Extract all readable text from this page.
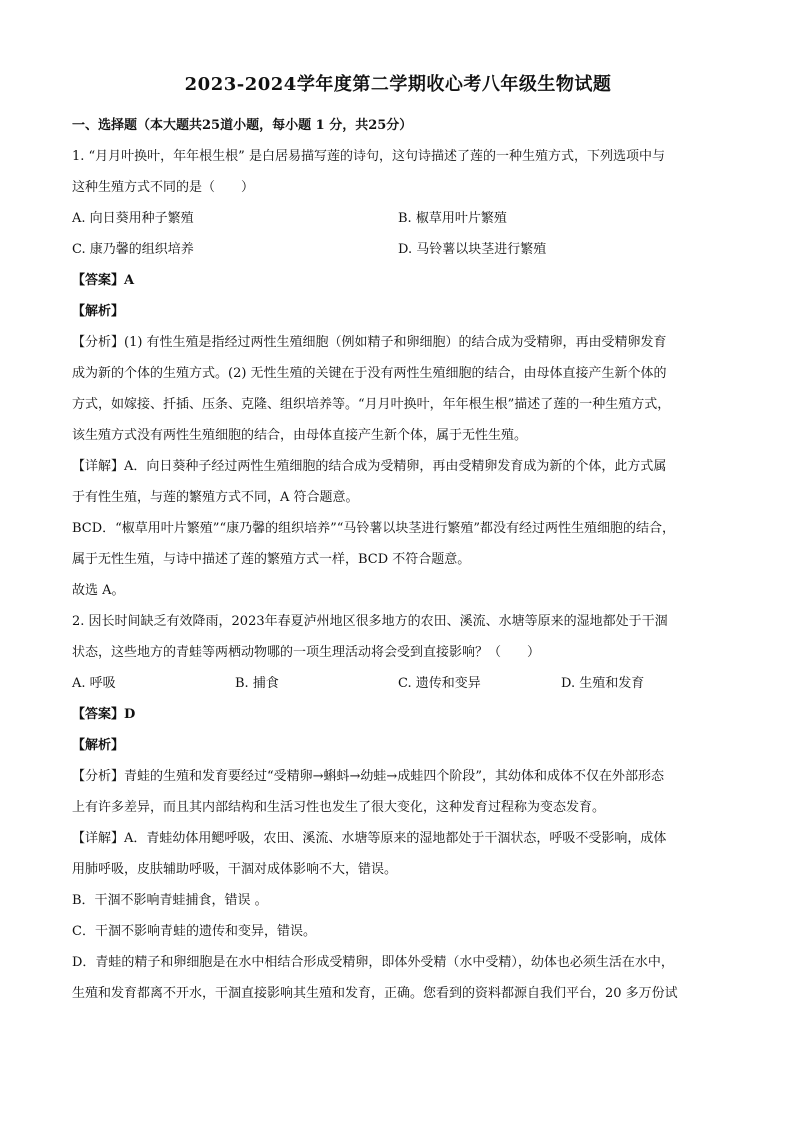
2023-2024学年度第二学期收心考八年级生物试题

一、选择题（本大题共25道小题，每小题 1 分，共25分）

1. “月月叶换叶，年年根生根” 是白居易描写莲的诗句，这句诗描述了莲的一种生殖方式，下列选项中与

这种生殖方式不同的是（　　）

A. 向日葵用种子繁殖	B. 椒草用叶片繁殖
C. 康乃馨的组织培养	D. 马铃薯以块茎进行繁殖

【答案】A

【解析】

【分析】(1) 有性生殖是指经过两性生殖细胞（例如精子和卵细胞）的结合成为受精卵，再由受精卵发育

成为新的个体的生殖方式。(2) 无性生殖的关键在于没有两性生殖细胞的结合，由母体直接产生新个体的

方式，如嫁接、扦插、压条、克隆、组织培养等。“月月叶换叶，年年根生根”描述了莲的一种生殖方式，

该生殖方式没有两性生殖细胞的结合，由母体直接产生新个体，属于无性生殖。

【详解】A．向日葵种子经过两性生殖细胞的结合成为受精卵，再由受精卵发育成为新的个体，此方式属

于有性生殖，与莲的繁殖方式不同，A 符合题意。

BCD．“椒草用叶片繁殖”“康乃馨的组织培养”“马铃薯以块茎进行繁殖”都没有经过两性生殖细胞的结合，

属于无性生殖，与诗中描述了莲的繁殖方式一样，BCD 不符合题意。

故选 A。

2. 因长时间缺乏有效降雨，2023年春夏泸州地区很多地方的农田、溪流、水塘等原来的湿地都处于干涸

状态，这些地方的青蛙等两栖动物哪的一项生理活动将会受到直接影响？（　　）

A. 呼吸	B. 捕食	C. 遗传和变异	D. 生殖和发育

【答案】D

【解析】

【分析】青蛙的生殖和发育要经过“受精卵→蝌蚪→幼蛙→成蛙四个阶段”，其幼体和成体不仅在外部形态

上有许多差异，而且其内部结构和生活习性也发生了很大变化，这种发育过程称为变态发育。

【详解】A．青蛙幼体用鳃呼吸，农田、溪流、水塘等原来的湿地都处于干涸状态，呼吸不受影响，成体

用肺呼吸，皮肤辅助呼吸，干涸对成体影响不大，错误。

B．干涸不影响青蛙捕食，错误 。

C．干涸不影响青蛙的遗传和变异，错误。

D．青蛙的精子和卵细胞是在水中相结合形成受精卵，即体外受精（水中受精），幼体也必须生活在水中，

生殖和发育都离不开水，干涸直接影响其生殖和发育，正确。您看到的资料都源自我们平台，20 多万份试
